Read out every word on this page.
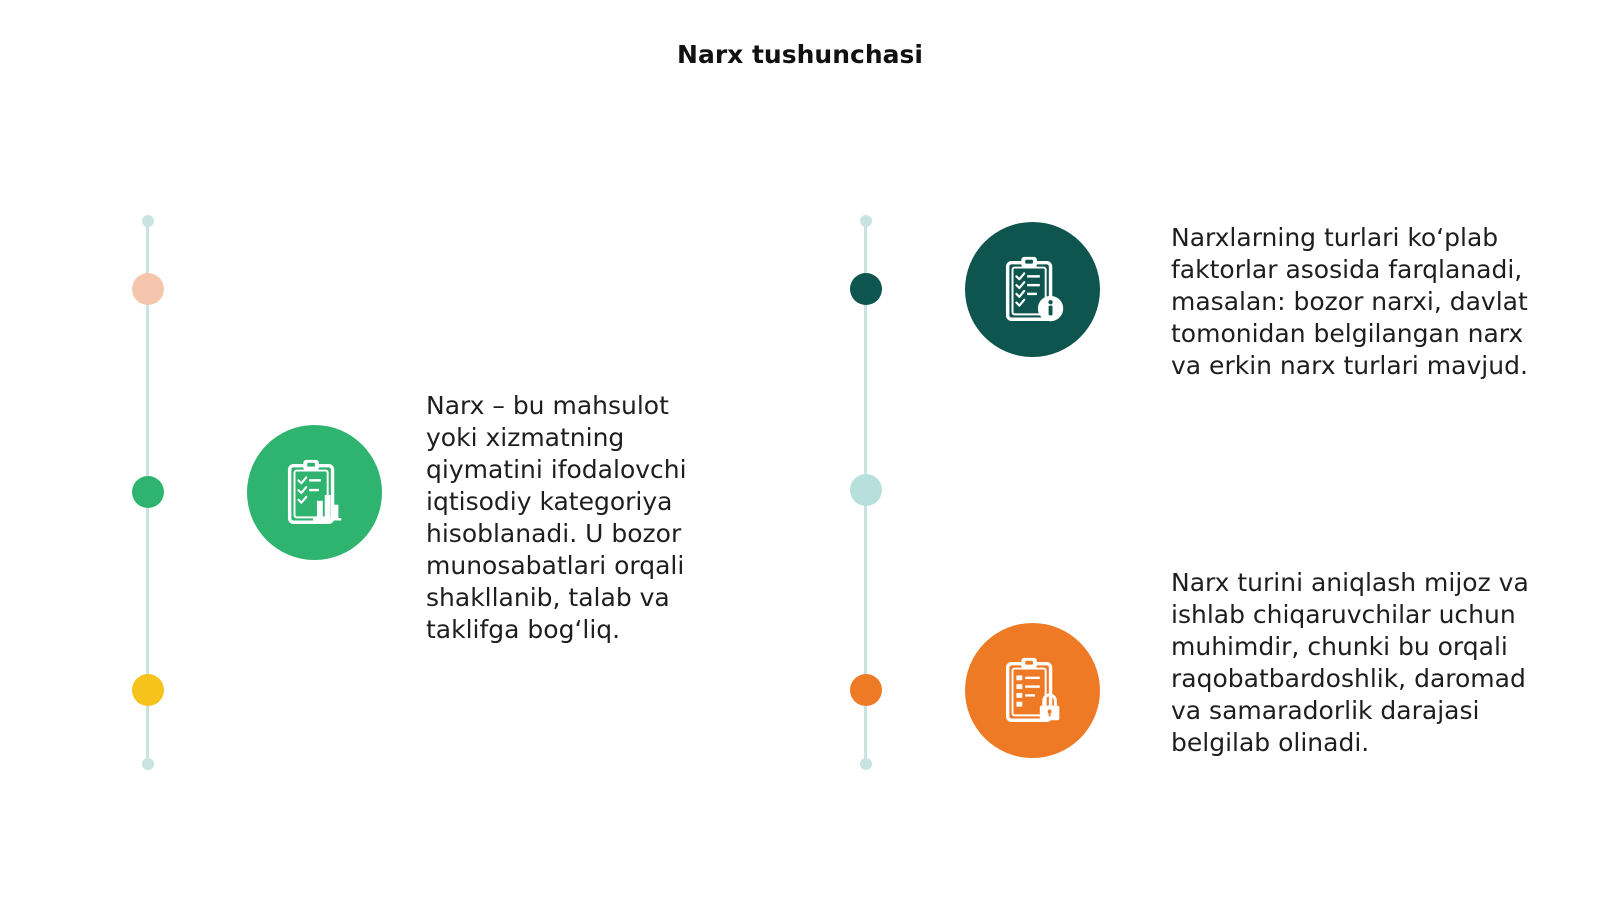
Narx tushunchasi
Narx – bu mahsulot yoki xizmatning qiymatini ifodalovchi iqtisodiy kategoriya hisoblanadi. U bozor munosabatlari orqali shakllanib, talab va taklifga bog‘liq.
Narxlarning turlari ko‘plab faktorlar asosida farqlanadi, masalan: bozor narxi, davlat tomonidan belgilangan narx va erkin narx turlari mavjud.
Narx turini aniqlash mijoz va ishlab chiqaruvchilar uchun muhimdir, chunki bu orqali raqobatbardoshlik, daromad va samaradorlik darajasi belgilab olinadi.
